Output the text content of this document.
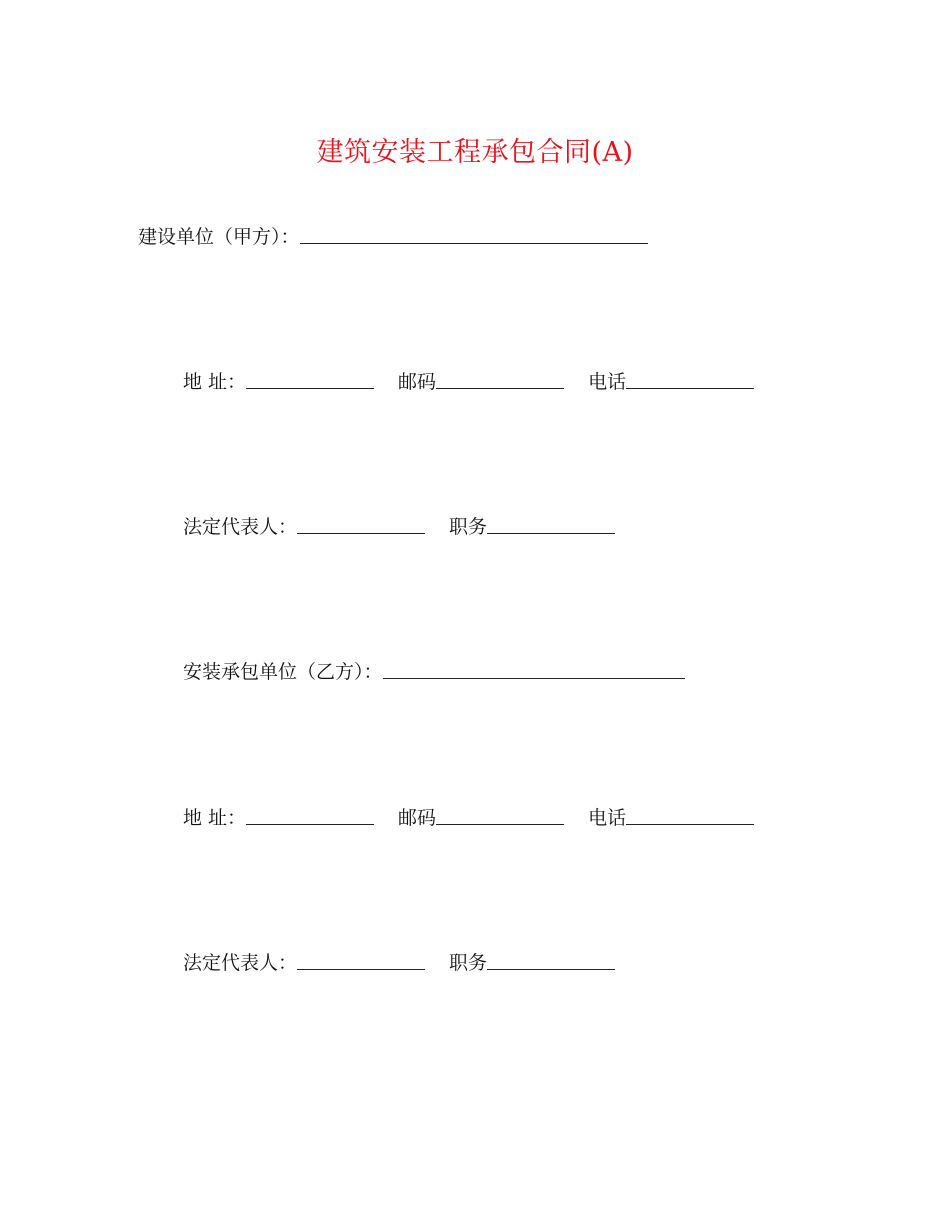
建筑安装工程承包合同(A)
建设单位（甲方）：
地 址：	邮码	电话
法定代表人：	职务
安装承包单位（乙方）：
地 址：	邮码	电话
法定代表人：	职务
